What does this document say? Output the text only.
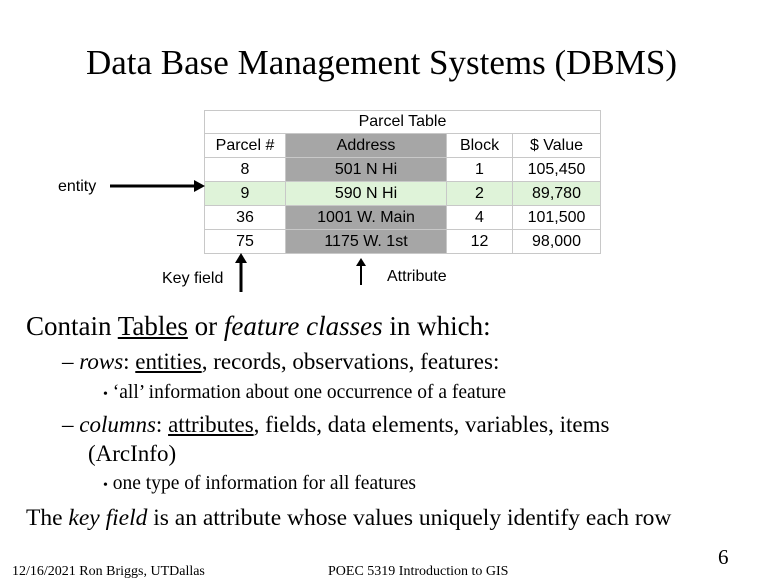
Data Base Management Systems (DBMS)
Parcel Table			
Parcel #	Address	Block	$ Value
8	501 N Hi	1	105,450
9	590 N Hi	2	89,780
36	1001 W. Main	4	101,500
75	1175 W. 1st	12	98,000
entity
Key field	Attribute
Contain Tables or feature classes in which:
– rows: entities, records, observations, features:
• ‘all’ information about one occurrence of a feature
– columns: attributes, fields, data elements, variables, items
(ArcInfo)
• one type of information for all features
The key field is an attribute whose values uniquely identify each row
12/16/2021 Ron Briggs, UTDallas	POEC 5319 Introduction to GIS
6
